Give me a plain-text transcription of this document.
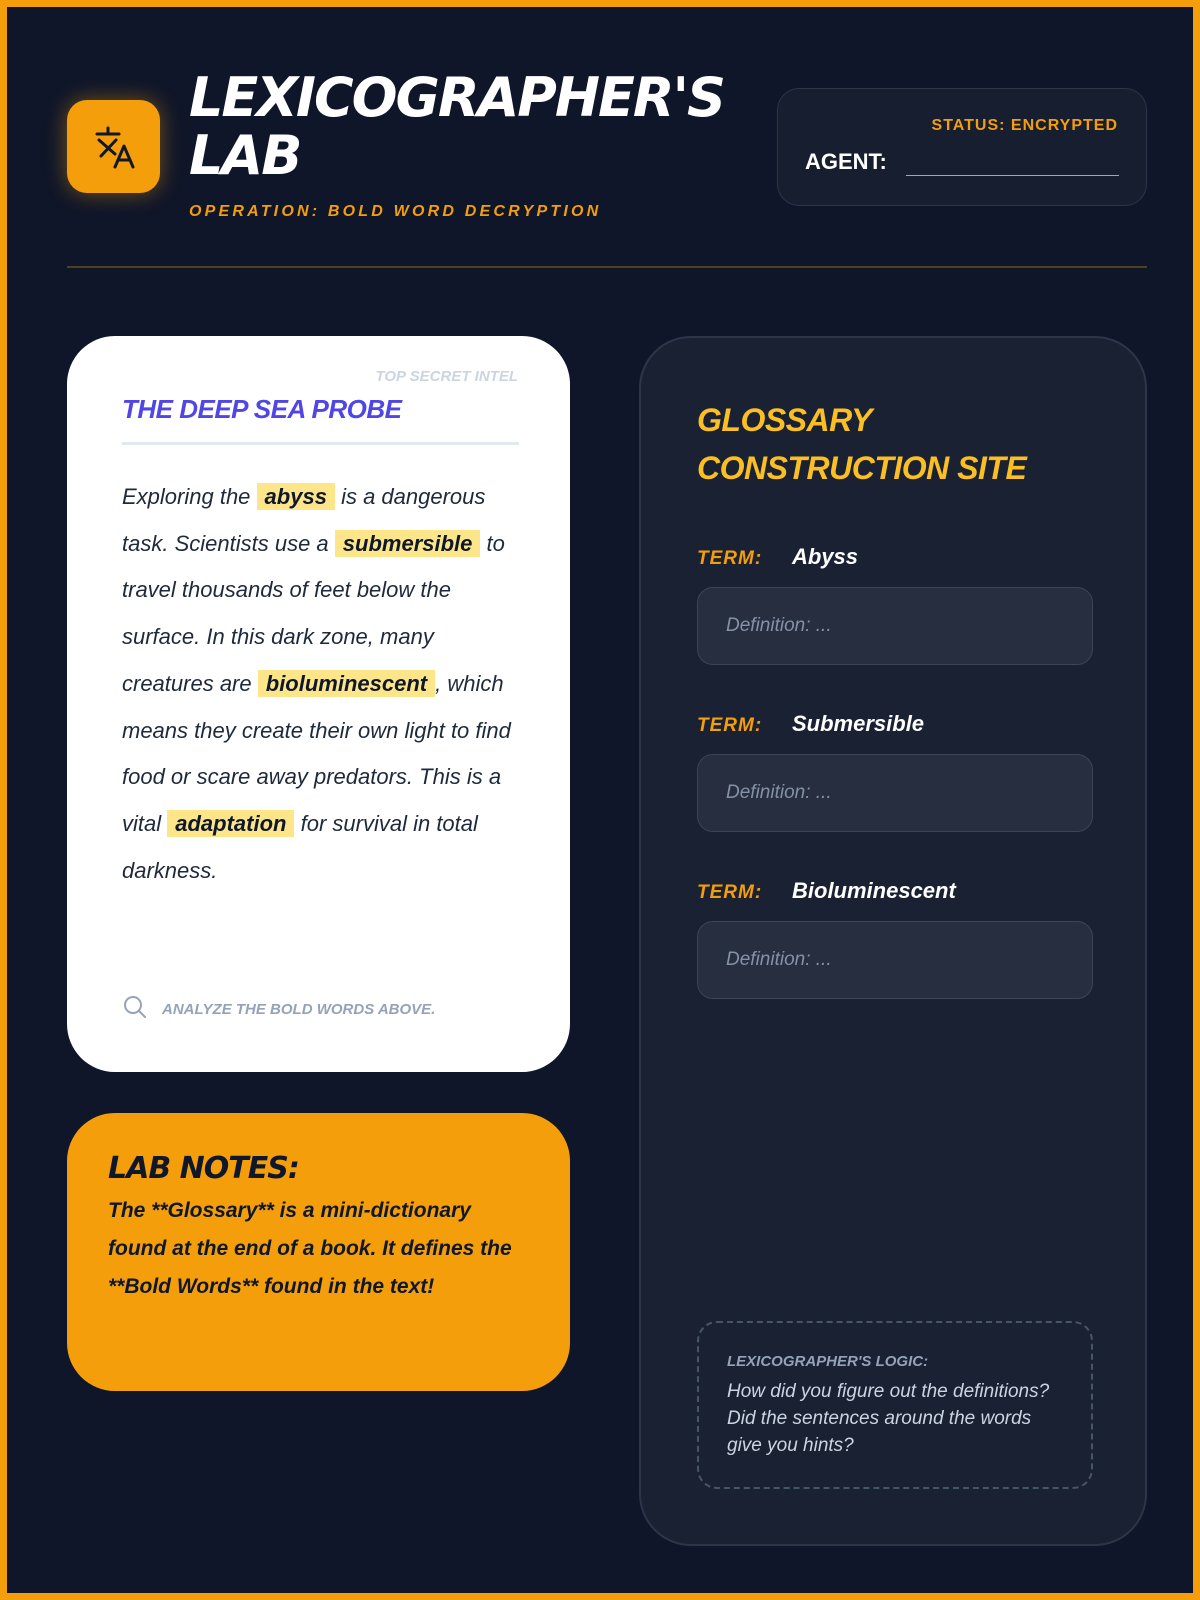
LEXICOGRAPHER'S
LAB
OPERATION: BOLD WORD DECRYPTION
STATUS: ENCRYPTED
AGENT:
TOP SECRET INTEL
THE DEEP SEA PROBE
Exploring the abyss is a dangerous task. Scientists use a submersible to travel thousands of feet below the surface. In this dark zone, many creatures are bioluminescent , which means they create their own light to find food or scare away predators. This is a vital adaptation for survival in total darkness.
ANALYZE THE BOLD WORDS ABOVE.
LAB NOTES:
The **Glossary** is a mini-dictionary found at the end of a book. It defines the **Bold Words** found in the text!
GLOSSARY
CONSTRUCTION SITE
TERM:	Abyss
Definition: ...
TERM:	Submersible
Definition: ...
TERM:	Bioluminescent
Definition: ...
LEXICOGRAPHER'S LOGIC:
How did you figure out the definitions? Did the sentences around the words give you hints?
